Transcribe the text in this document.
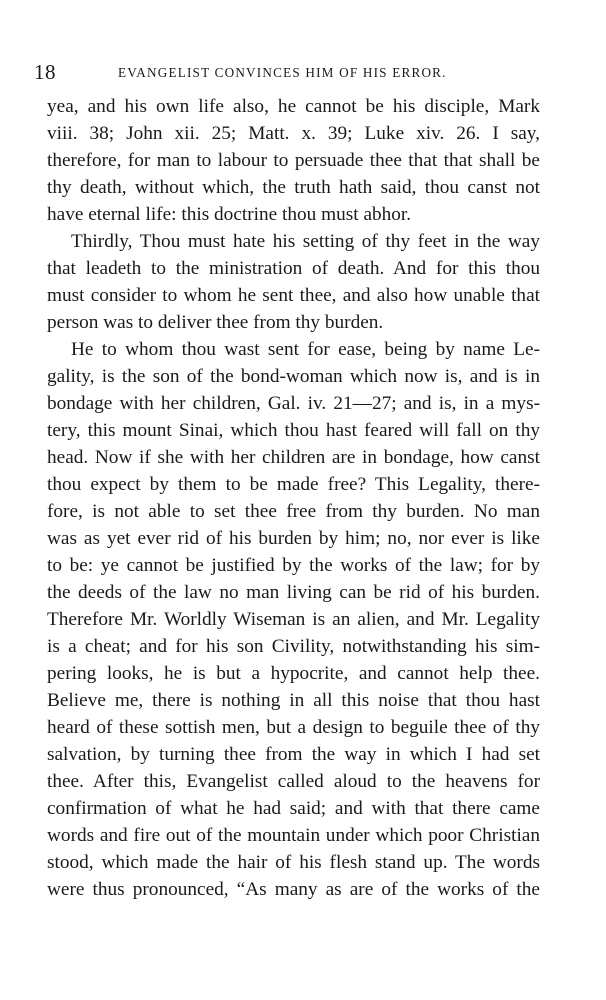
18	EVANGELIST CONVINCES HIM OF HIS ERROR.
yea, and his own life also, he cannot be his disciple, Mark
viii. 38; John xii. 25; Matt. x. 39; Luke xiv. 26. I say,
therefore, for man to labour to persuade thee that that shall be
thy death, without which, the truth hath said, thou canst not
have eternal life: this doctrine thou must abhor.
Thirdly, Thou must hate his setting of thy feet in the way
that leadeth to the ministration of death. And for this thou
must consider to whom he sent thee, and also how unable that
person was to deliver thee from thy burden.
He to whom thou wast sent for ease, being by name Le-
gality, is the son of the bond-woman which now is, and is in
bondage with her children, Gal. iv. 21—27; and is, in a mys-
tery, this mount Sinai, which thou hast feared will fall on thy
head. Now if she with her children are in bondage, how canst
thou expect by them to be made free? This Legality, there-
fore, is not able to set thee free from thy burden. No man
was as yet ever rid of his burden by him; no, nor ever is like
to be: ye cannot be justified by the works of the law; for by
the deeds of the law no man living can be rid of his burden.
Therefore Mr. Worldly Wiseman is an alien, and Mr. Legality
is a cheat; and for his son Civility, notwithstanding his sim-
pering looks, he is but a hypocrite, and cannot help thee.
Believe me, there is nothing in all this noise that thou hast
heard of these sottish men, but a design to beguile thee of thy
salvation, by turning thee from the way in which I had set
thee. After this, Evangelist called aloud to the heavens for
confirmation of what he had said; and with that there came
words and fire out of the mountain under which poor Christian
stood, which made the hair of his flesh stand up. The words
were thus pronounced, “As many as are of the works of the
